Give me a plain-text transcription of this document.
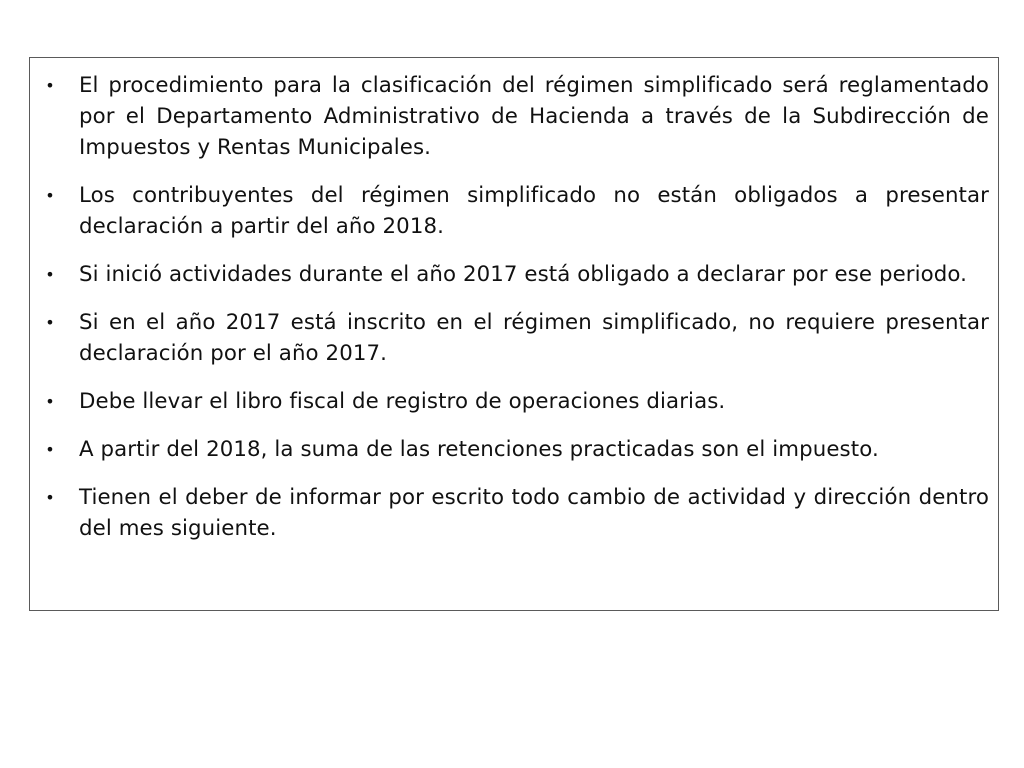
• El procedimiento para la clasificación del régimen simplificado será reglamentado por el Departamento Administrativo de Hacienda a través de la Subdirección de Impuestos y Rentas Municipales.
• Los contribuyentes del régimen simplificado no están obligados a presentar declaración a partir del año 2018.
• Si inició actividades durante el año 2017 está obligado a declarar por ese periodo.
• Si en el año 2017 está inscrito en el régimen simplificado, no requiere presentar declaración por el año 2017.
• Debe llevar el libro fiscal de registro de operaciones diarias.
• A partir del 2018, la suma de las retenciones practicadas son el impuesto.
• Tienen el deber de informar por escrito todo cambio de actividad y dirección dentro del mes siguiente.
